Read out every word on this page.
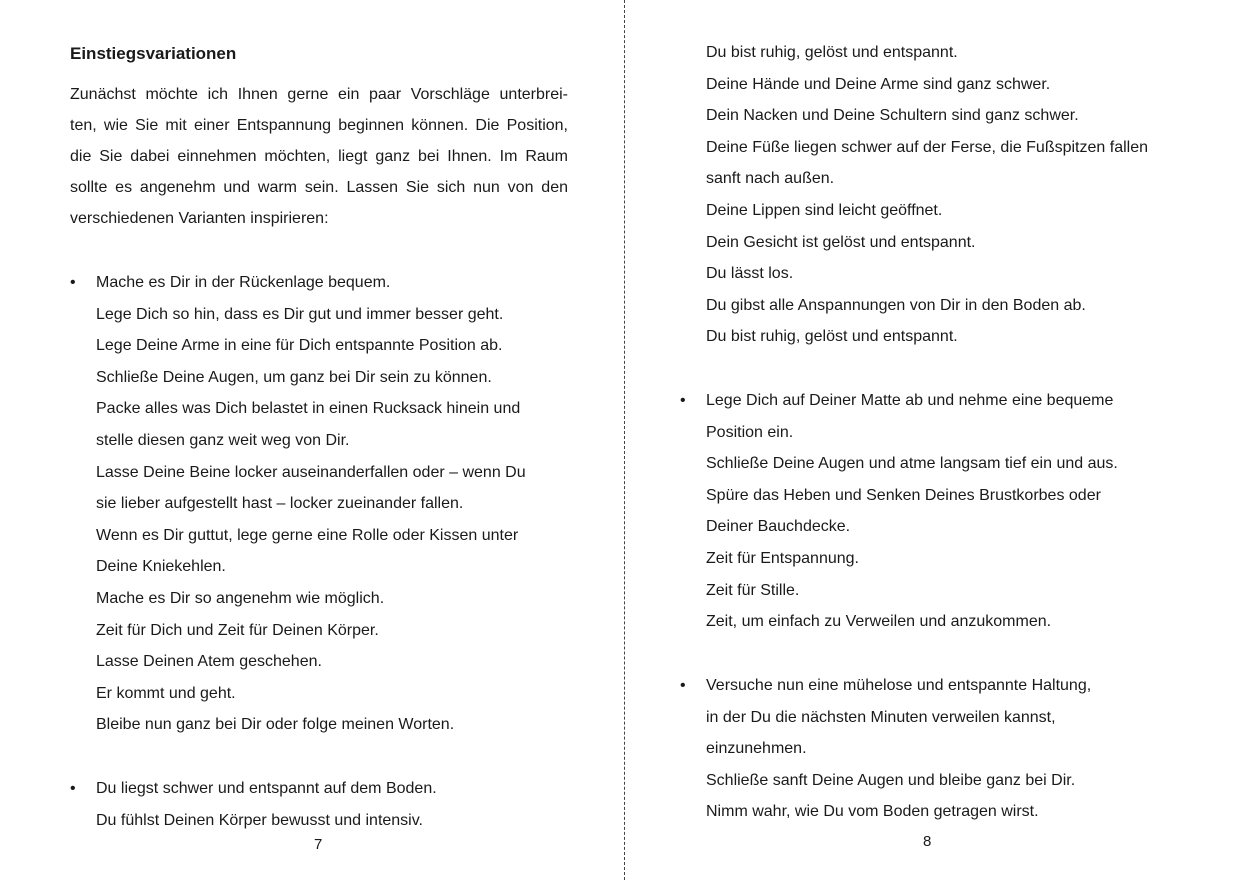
Einstiegsvariationen
Zunächst möchte ich Ihnen gerne ein paar Vorschläge unterbrei-
ten, wie Sie mit einer Entspannung beginnen können. Die Position,
die Sie dabei einnehmen möchten, liegt ganz bei Ihnen. Im Raum
sollte es angenehm und warm sein. Lassen Sie sich nun von den
verschiedenen Varianten inspirieren:
•	Mache es Dir in der Rückenlage bequem.
Lege Dich so hin, dass es Dir gut und immer besser geht.
Lege Deine Arme in eine für Dich entspannte Position ab.
Schließe Deine Augen, um ganz bei Dir sein zu können.
Packe alles was Dich belastet in einen Rucksack hinein und
stelle diesen ganz weit weg von Dir.
Lasse Deine Beine locker auseinanderfallen oder – wenn Du
sie lieber aufgestellt hast – locker zueinander fallen.
Wenn es Dir guttut, lege gerne eine Rolle oder Kissen unter
Deine Kniekehlen.
Mache es Dir so angenehm wie möglich.
Zeit für Dich und Zeit für Deinen Körper.
Lasse Deinen Atem geschehen.
Er kommt und geht.
Bleibe nun ganz bei Dir oder folge meinen Worten.
•	Du liegst schwer und entspannt auf dem Boden.
Du fühlst Deinen Körper bewusst und intensiv.
7
Du bist ruhig, gelöst und entspannt.
Deine Hände und Deine Arme sind ganz schwer.
Dein Nacken und Deine Schultern sind ganz schwer.
Deine Füße liegen schwer auf der Ferse, die Fußspitzen fallen
sanft nach außen.
Deine Lippen sind leicht geöffnet.
Dein Gesicht ist gelöst und entspannt.
Du lässt los.
Du gibst alle Anspannungen von Dir in den Boden ab.
Du bist ruhig, gelöst und entspannt.
•	Lege Dich auf Deiner Matte ab und nehme eine bequeme
Position ein.
Schließe Deine Augen und atme langsam tief ein und aus.
Spüre das Heben und Senken Deines Brustkorbes oder
Deiner Bauchdecke.
Zeit für Entspannung.
Zeit für Stille.
Zeit, um einfach zu Verweilen und anzukommen.
•	Versuche nun eine mühelose und entspannte Haltung,
in der Du die nächsten Minuten verweilen kannst,
einzunehmen.
Schließe sanft Deine Augen und bleibe ganz bei Dir.
Nimm wahr, wie Du vom Boden getragen wirst.
8
